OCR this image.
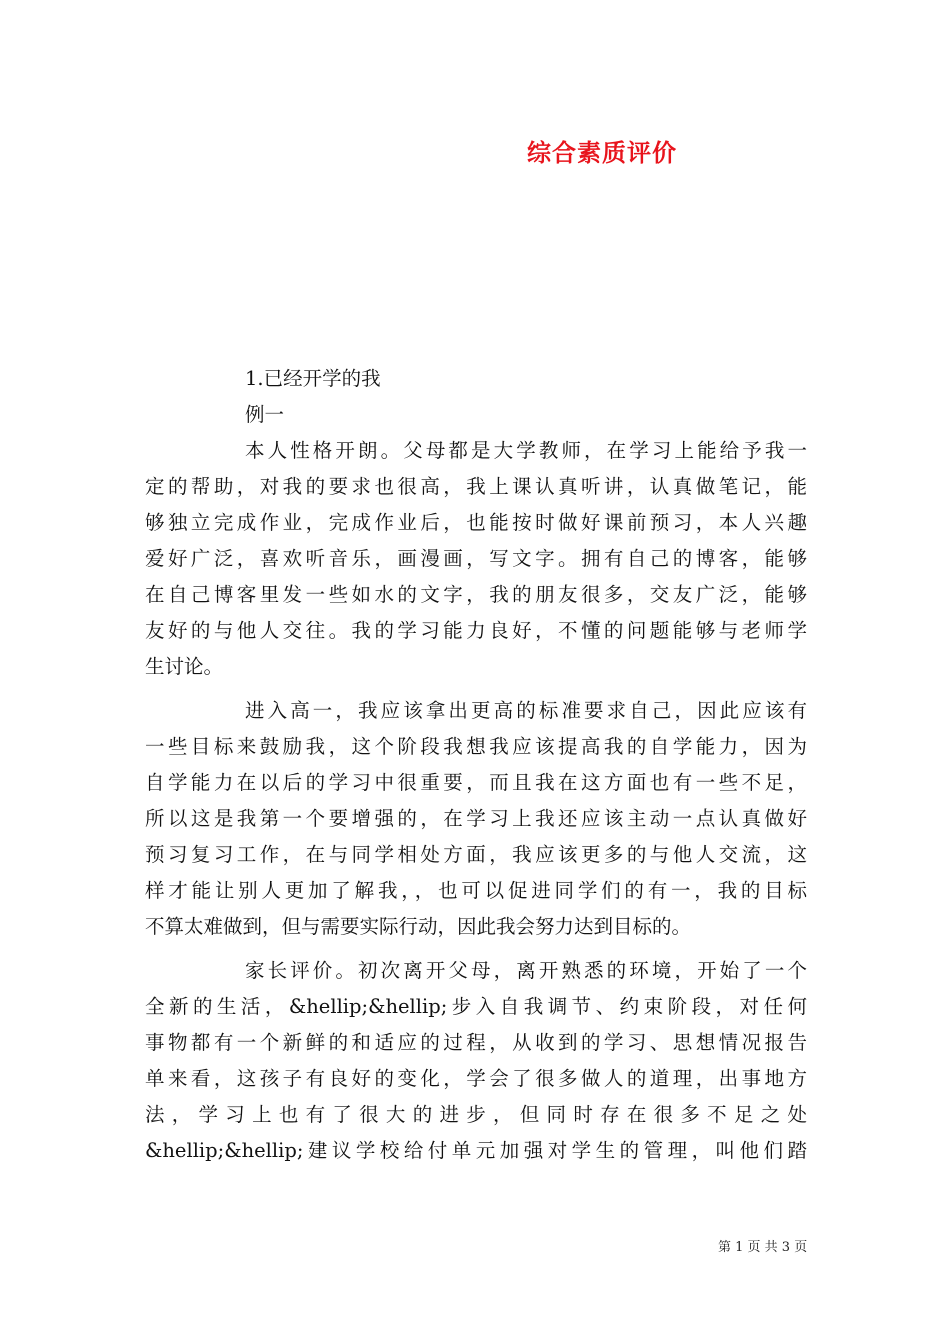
综合素质评价
1.已经开学的我
例一
本人性格开朗。父母都是大学教师，在学习上能给予我一
定的帮助，对我的要求也很高，我上课认真听讲，认真做笔记，能
够独立完成作业，完成作业后，也能按时做好课前预习，本人兴趣
爱好广泛，喜欢听音乐，画漫画，写文字。拥有自己的博客，能够
在自己博客里发一些如水的文字，我的朋友很多，交友广泛，能够
友好的与他人交往。我的学习能力良好，不懂的问题能够与老师学
生讨论。
进入高一，我应该拿出更高的标准要求自己，因此应该有
一些目标来鼓励我，这个阶段我想我应该提高我的自学能力，因为
自学能力在以后的学习中很重要，而且我在这方面也有一些不足，
所以这是我第一个要增强的，在学习上我还应该主动一点认真做好
预习复习工作，在与同学相处方面，我应该更多的与他人交流，这
样才能让别人更加了解我，，也可以促进同学们的有一，我的目标
不算太难做到，但与需要实际行动，因此我会努力达到目标的。
家长评价。初次离开父母，离开熟悉的环境，开始了一个
全新的生活，&hellip;&hellip;步入自我调节、约束阶段，对任何
事物都有一个新鲜的和适应的过程，从收到的学习、思想情况报告
单来看，这孩子有良好的变化，学会了很多做人的道理，出事地方
法，学习上也有了很大的进步，但同时存在很多不足之处
&hellip;&hellip;建议学校给付单元加强对学生的管理，叫他们踏
第 1 页 共 3 页
